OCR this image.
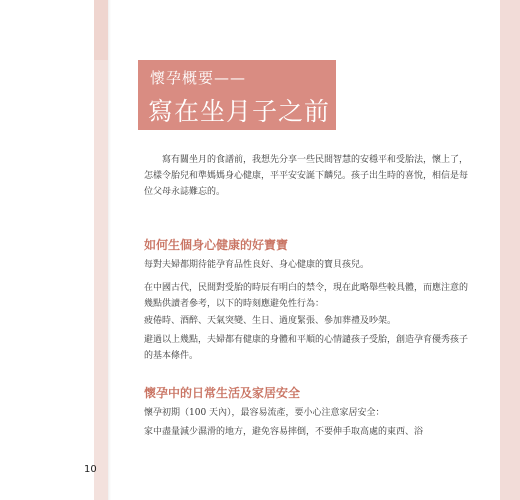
懷孕概要——
寫在坐月子之前
寫有關坐月的食譜前，我想先分享一些民間智慧的安穩平和受胎法，懷上了，怎樣令胎兒和準媽媽身心健康，平平安安誕下麟兒。孩子出生時的喜悅，相信是每位父母永誌難忘的。
如何生個身心健康的好寶寶
每對夫婦都期待能孕育品性良好、身心健康的寶貝孩兒。
在中國古代，民間對受胎的時辰有明白的禁令，現在此略舉些較具體，而應注意的幾點供讀者參考，以下的時刻應避免性行為：
疲倦時、酒醉、天氣突變、生日、過度緊張、參加葬禮及吵架。
避過以上幾點，夫婦都有健康的身體和平順的心情譴孩子受胎，創造孕育優秀孩子的基本條件。
懷孕中的日常生活及家居安全
懷孕初期（100 天內），最容易流產，要小心注意家居安全：
家中盡量減少濕滑的地方，避免容易摔倒，不要伸手取高處的東西、浴
10
